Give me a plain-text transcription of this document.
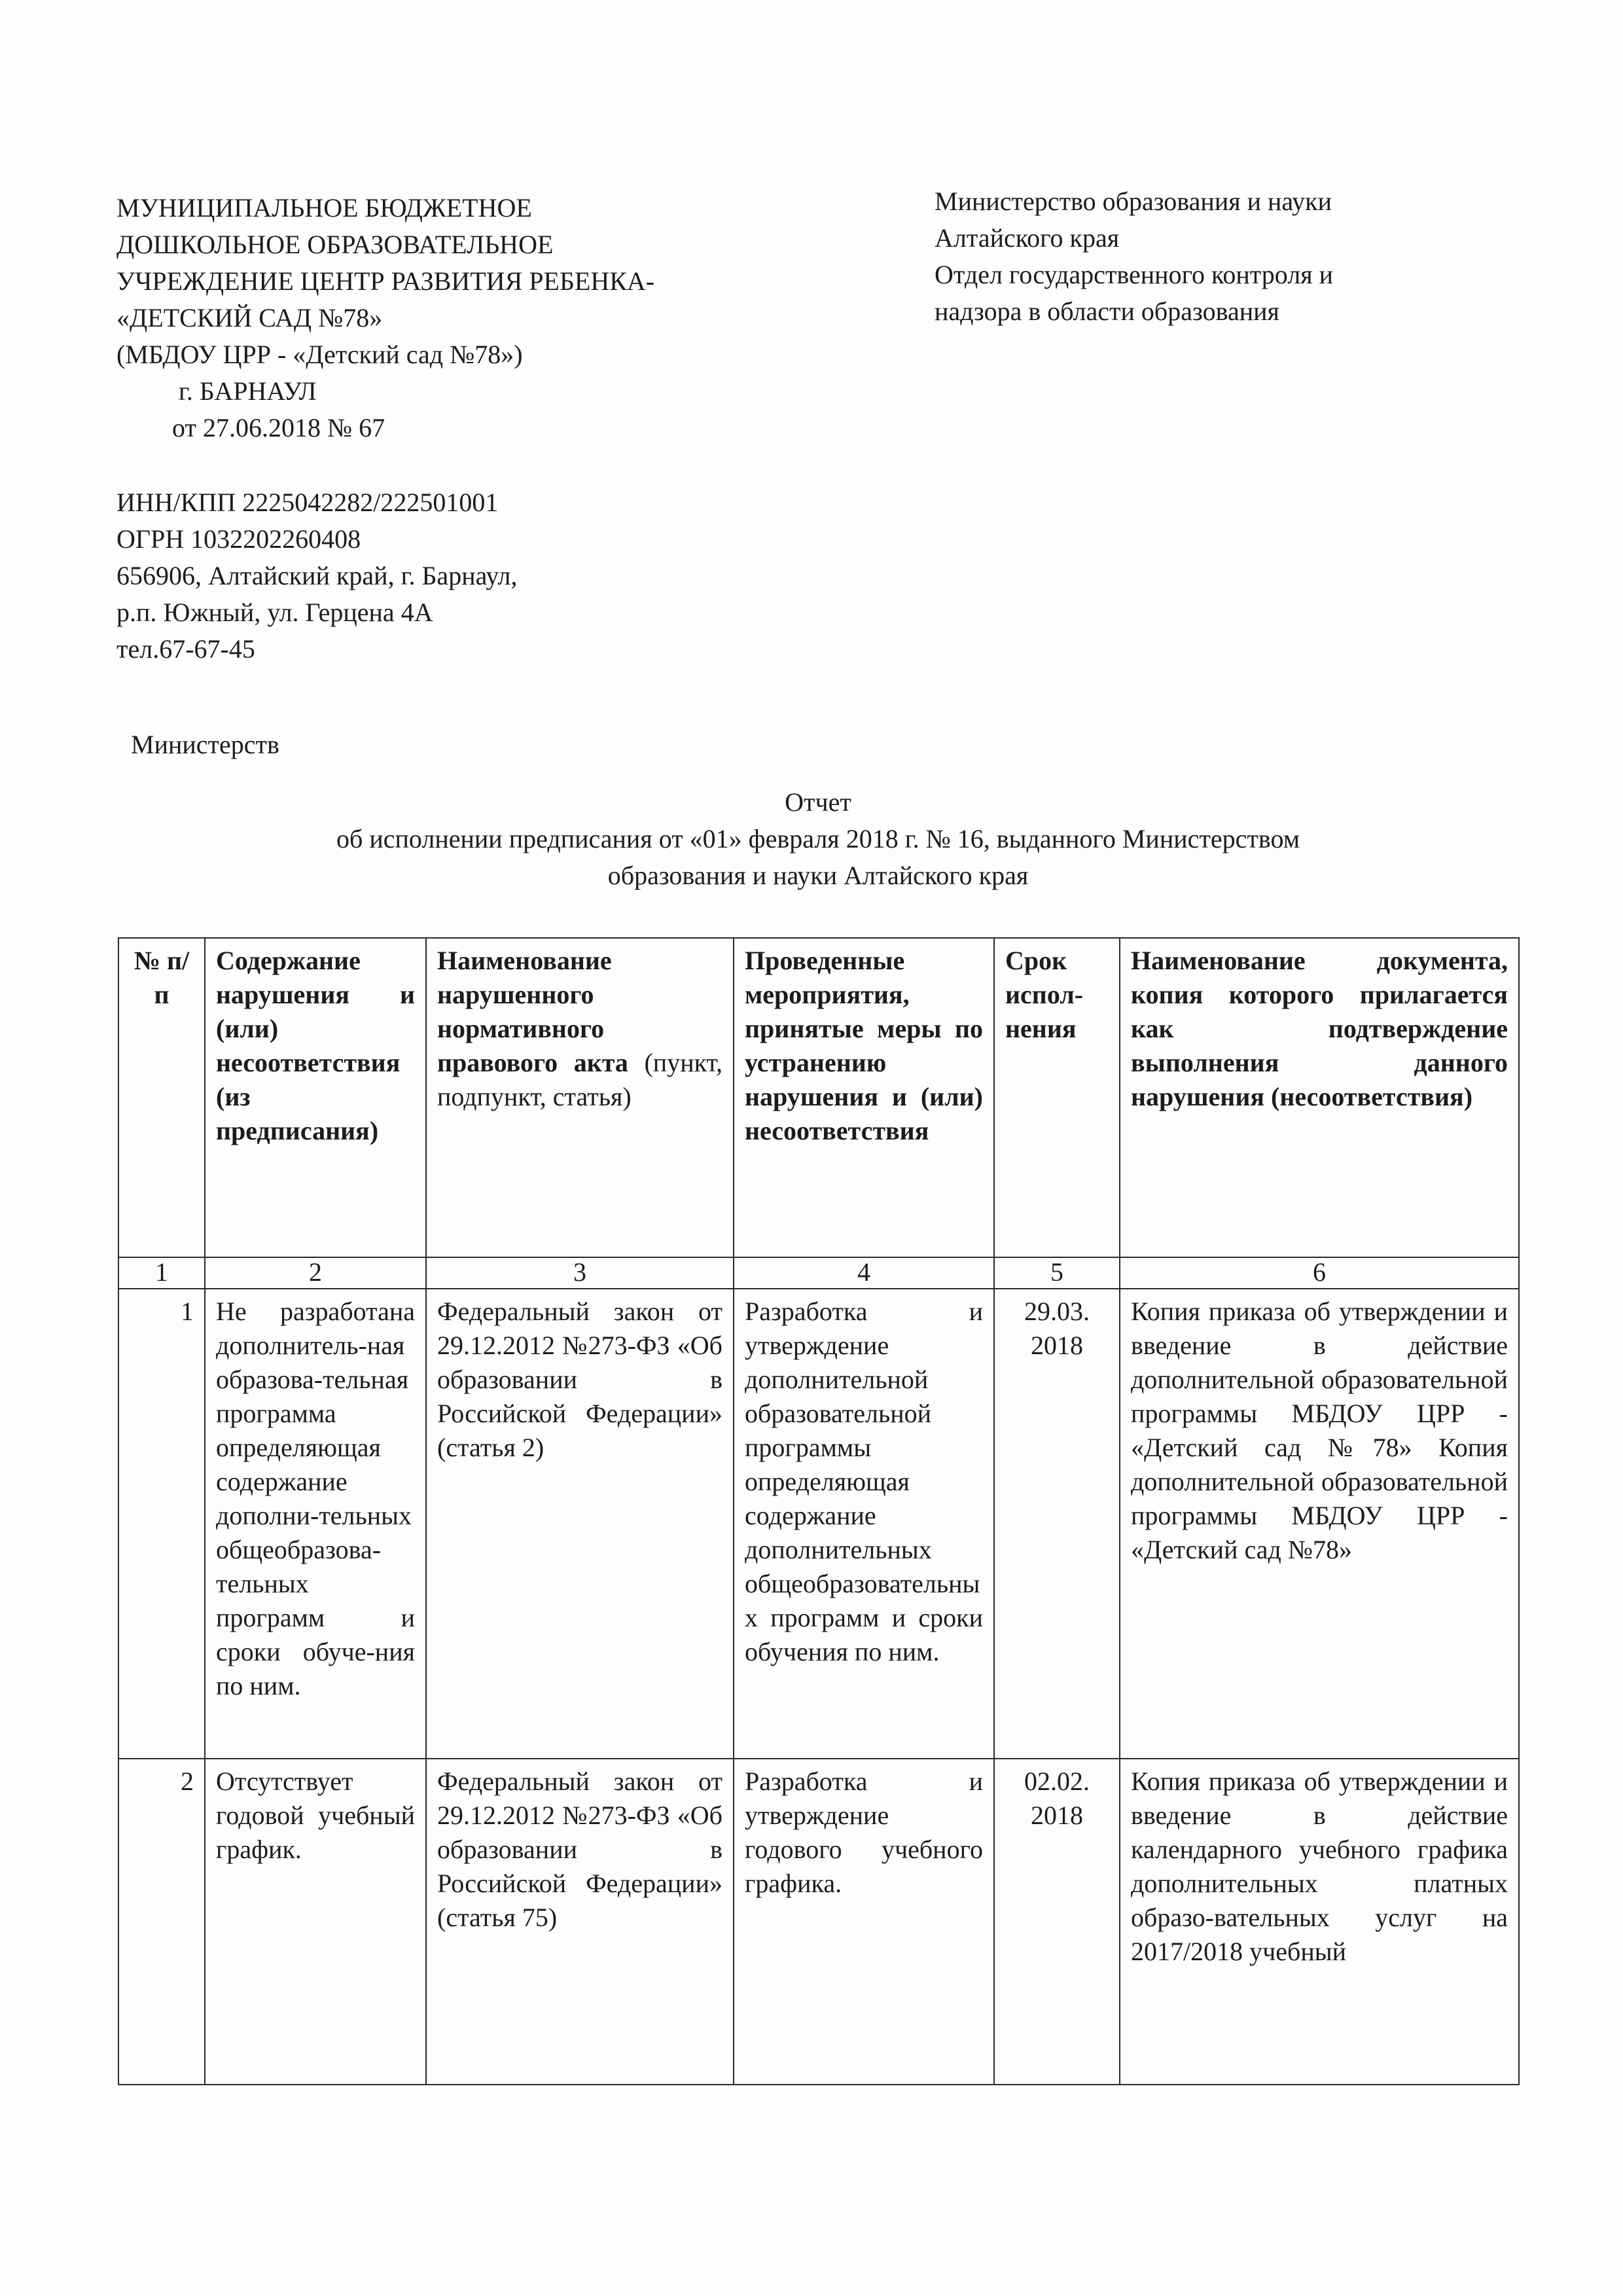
МУНИЦИПАЛЬНОЕ БЮДЖЕТНОЕ
ДОШКОЛЬНОЕ ОБРАЗОВАТЕЛЬНОЕ
УЧРЕЖДЕНИЕ ЦЕНТР РАЗВИТИЯ РЕБЕНКА-
«ДЕТСКИЙ САД №78»
(МБДОУ ЦРР - «Детский сад №78»)
г. БАРНАУЛ
от 27.06.2018 № 67
Министерство образования и науки
Алтайского края
Отдел государственного контроля и
надзора в области образования
ИНН/КПП 2225042282/222501001
ОГРН 1032202260408
656906, Алтайский край, г. Барнаул,
р.п. Южный, ул. Герцена 4А
тел.67-67-45
Министерств
Отчет
об исполнении предписания от «01» февраля 2018 г. № 16, выданного Министерством
образования и науки Алтайского края
№ п/п	Содержание нарушения и (или) несоответствия (из предписания)	Наименование нарушенного нормативного правового акта (пункт, подпункт, статья)	Проведенные мероприятия, принятые меры по устранению нарушения и (или) несоответствия	Срок испол-нения	Наименование документа, копия которого прилагается как подтверждение выполнения данного нарушения (несоответствия)
1	2	3	4	5	6
1	Не разработана дополнитель-ная образова-тельная программа определяющая содержание дополни-тельных общеобразова-тельных программ и сроки обуче-ния по ним.	Федеральный закон от 29.12.2012 №273-ФЗ «Об образовании в Российской Федерации» (статья 2)	Разработка и утверждение дополнительной образовательной программы определяющая содержание дополнительных общеобразовательных программ и сроки обучения по ним.	29.03. 2018	Копия приказа об утверждении и введение в действие дополнительной образовательной программы МБДОУ ЦРР - «Детский сад №78» Копия дополнительной образовательной программы МБДОУ ЦРР - «Детский сад №78»
2	Отсутствует годовой учебный график.	Федеральный закон от 29.12.2012 №273-ФЗ «Об образовании в Российской Федерации» (статья 75)	Разработка и утверждение годового учебного графика.	02.02. 2018	Копия приказа об утверждении и введение в действие календарного учебного графика дополнительных платных образо-вательных услуг на 2017/2018 учебный
